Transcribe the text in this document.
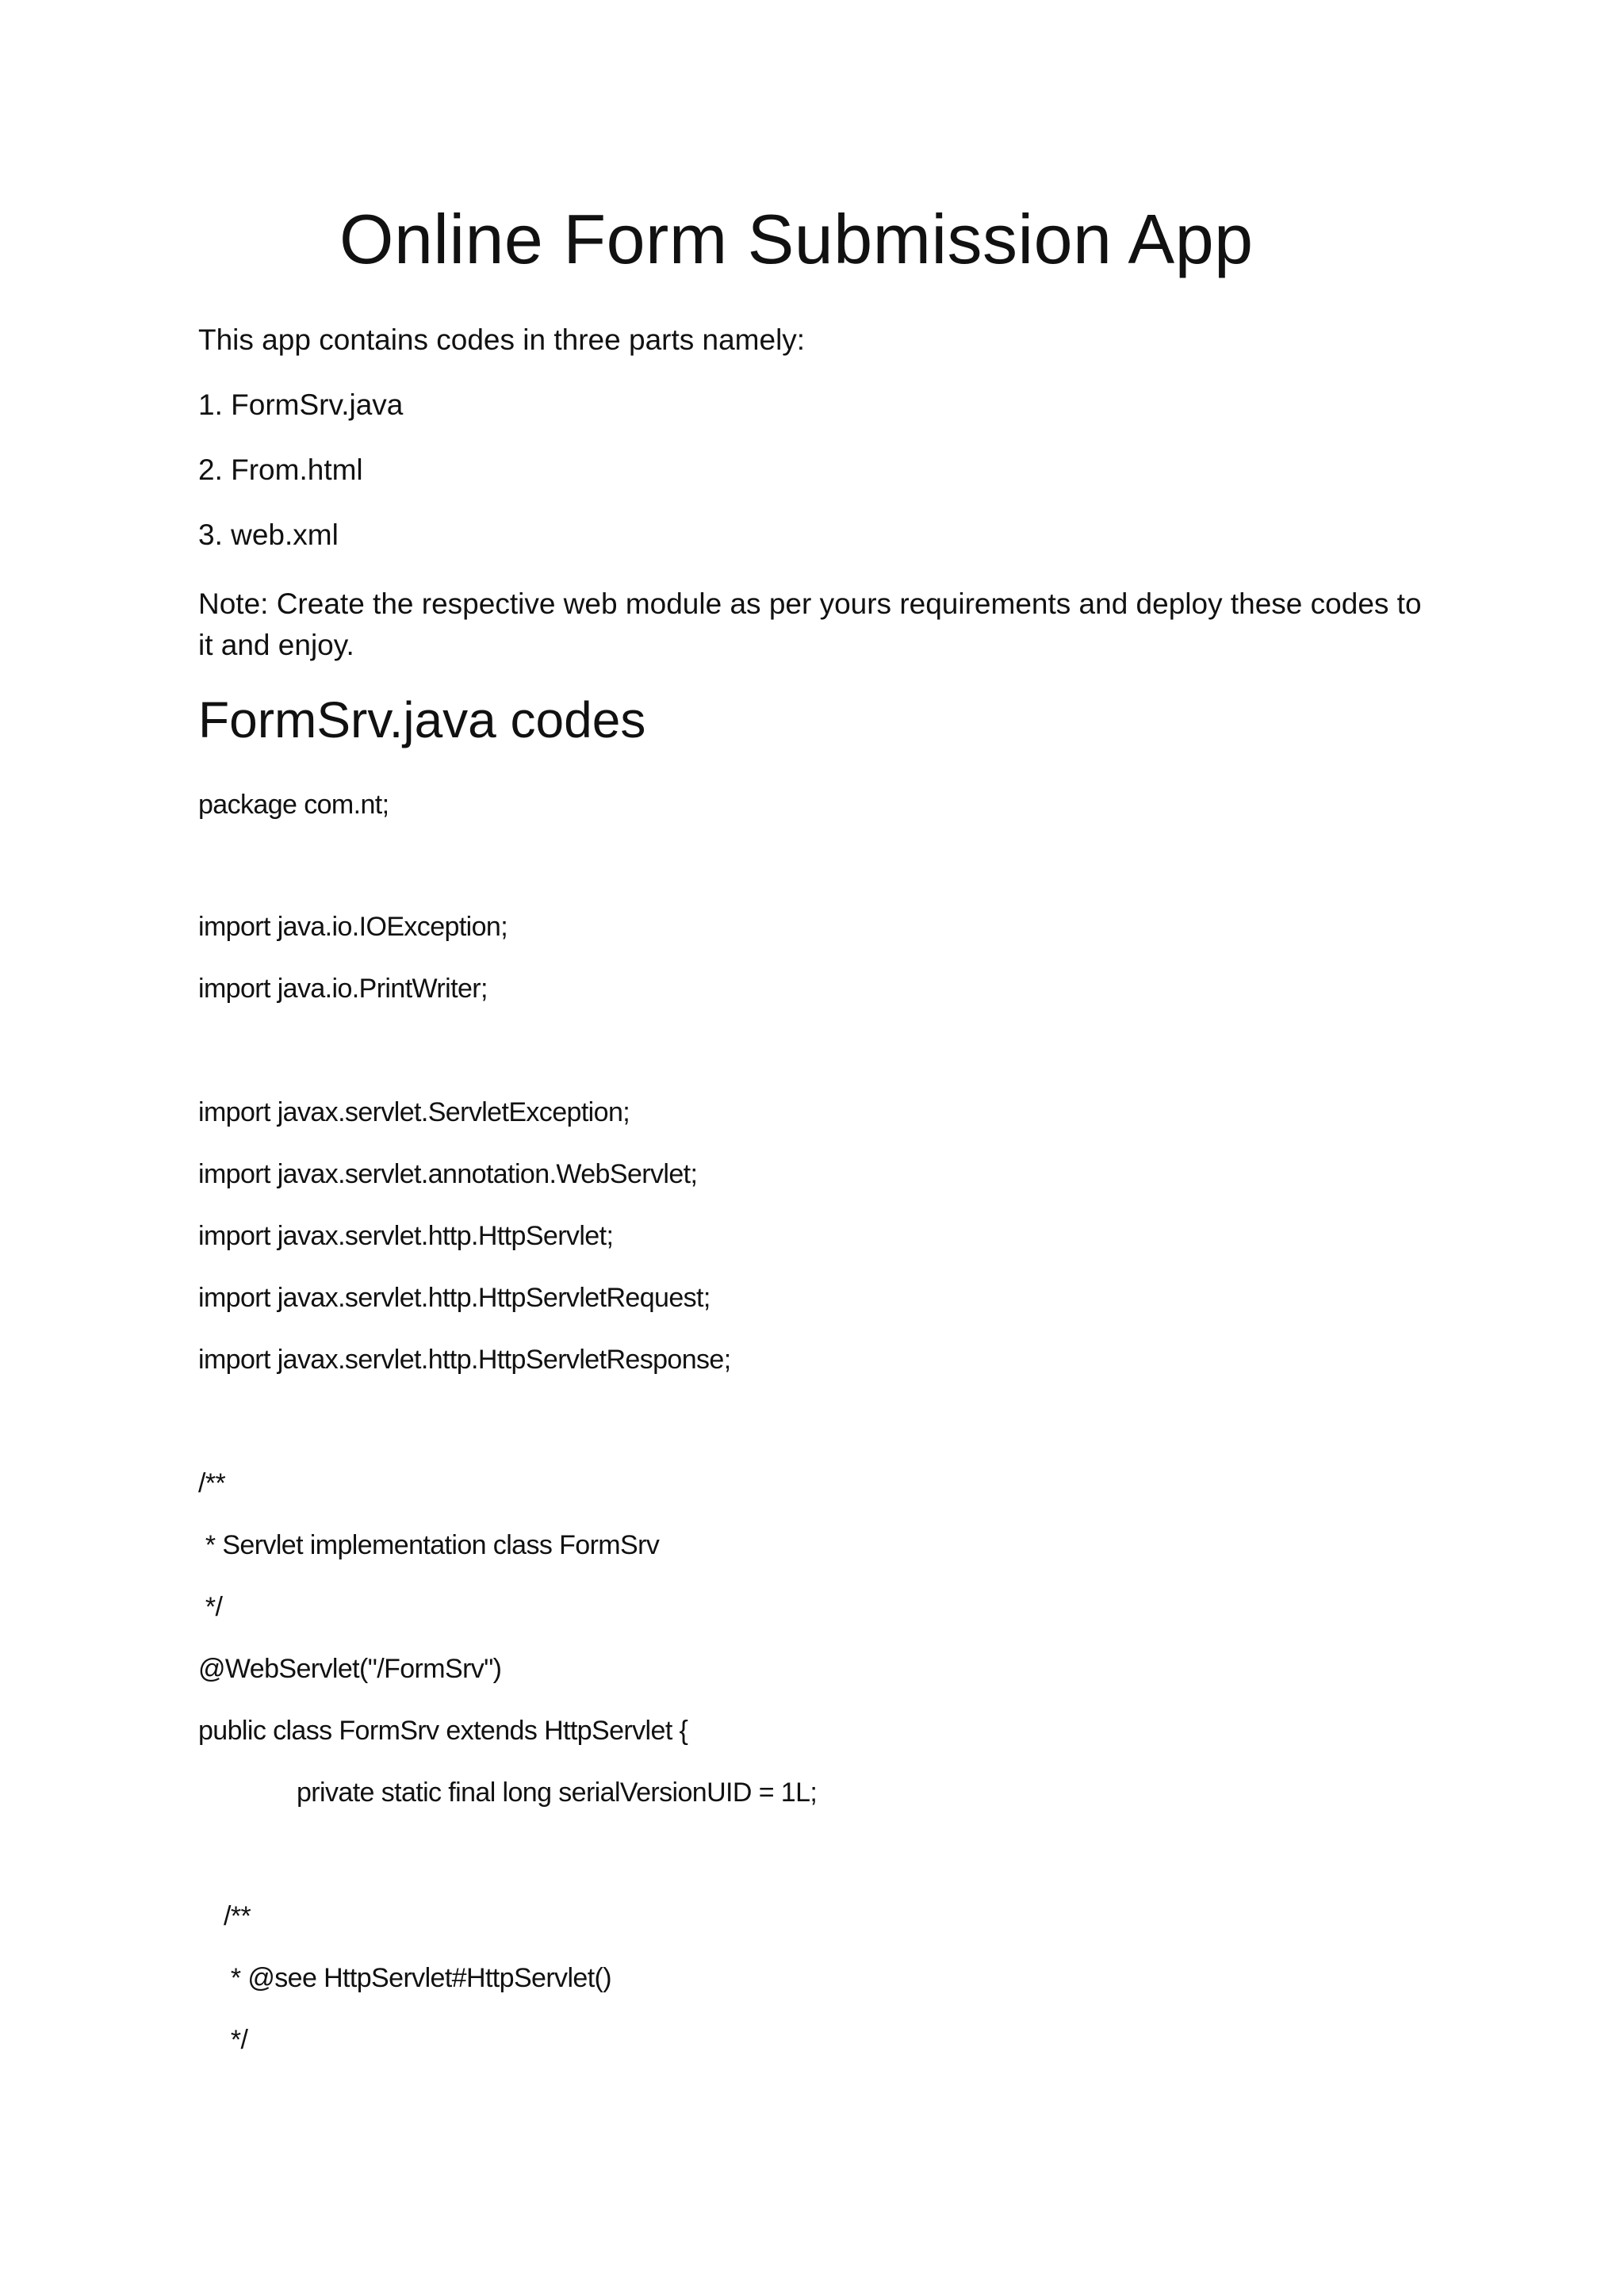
Online Form Submission App

This app contains codes in three parts namely:

1. FormSrv.java

2. From.html

3. web.xml

Note: Create the respective web module as per yours requirements and deploy these codes to it and enjoy.

FormSrv.java codes

package com.nt;

import java.io.IOException;

import java.io.PrintWriter;

import javax.servlet.ServletException;

import javax.servlet.annotation.WebServlet;

import javax.servlet.http.HttpServlet;

import javax.servlet.http.HttpServletRequest;

import javax.servlet.http.HttpServletResponse;

/**

* Servlet implementation class FormSrv

*/

@WebServlet("/FormSrv")

public class FormSrv extends HttpServlet {

private static final long serialVersionUID = 1L;

/**

* @see HttpServlet#HttpServlet()

*/
